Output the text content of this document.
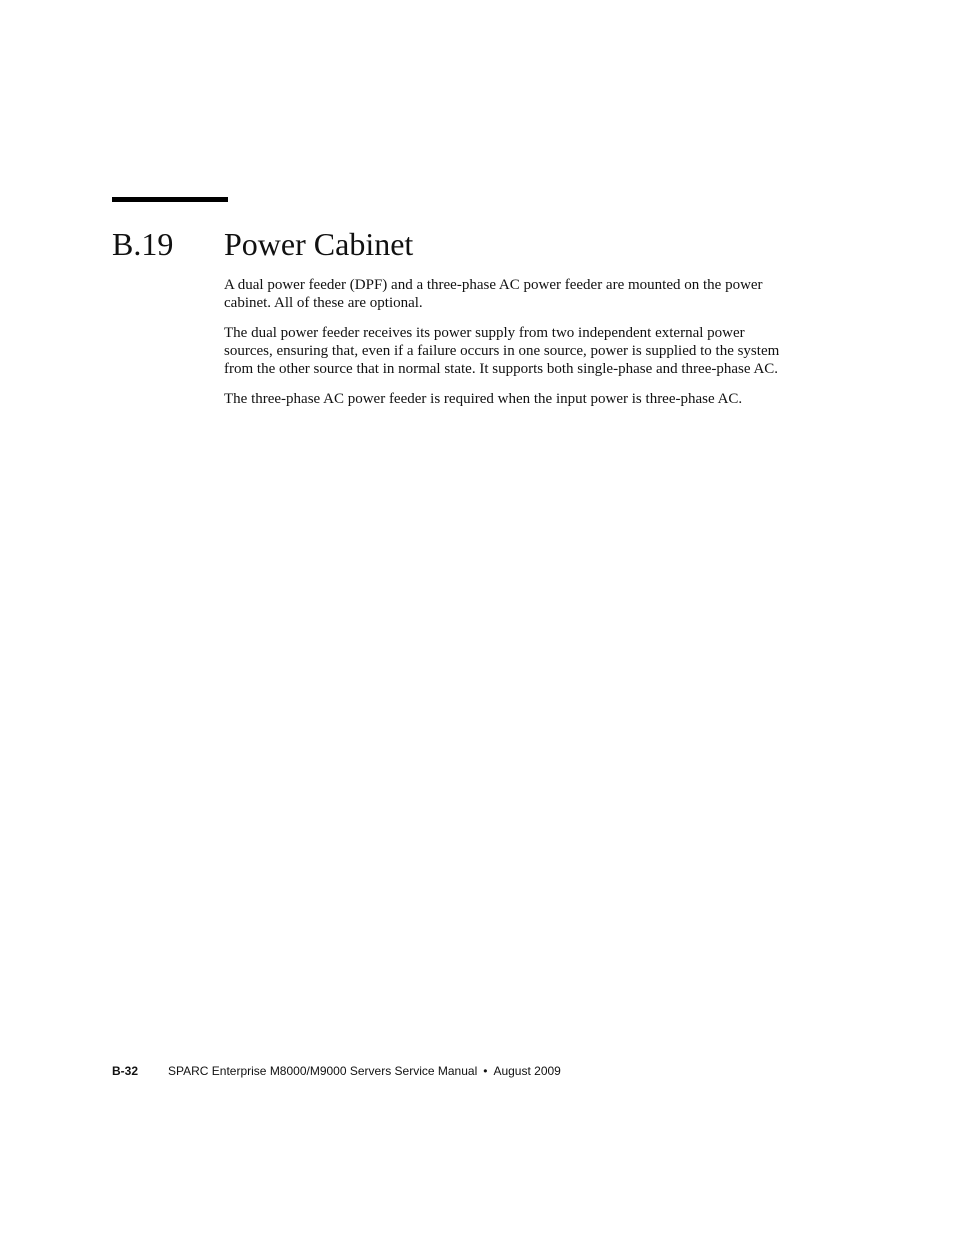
B.19 Power Cabinet

A dual power feeder (DPF) and a three-phase AC power feeder are mounted on the power cabinet. All of these are optional.

The dual power feeder receives its power supply from two independent external power sources, ensuring that, even if a failure occurs in one source, power is supplied to the system from the other source that in normal state. It supports both single-phase and three-phase AC.

The three-phase AC power feeder is required when the input power is three-phase AC.

B-32 SPARC Enterprise M8000/M9000 Servers Service Manual • August 2009
